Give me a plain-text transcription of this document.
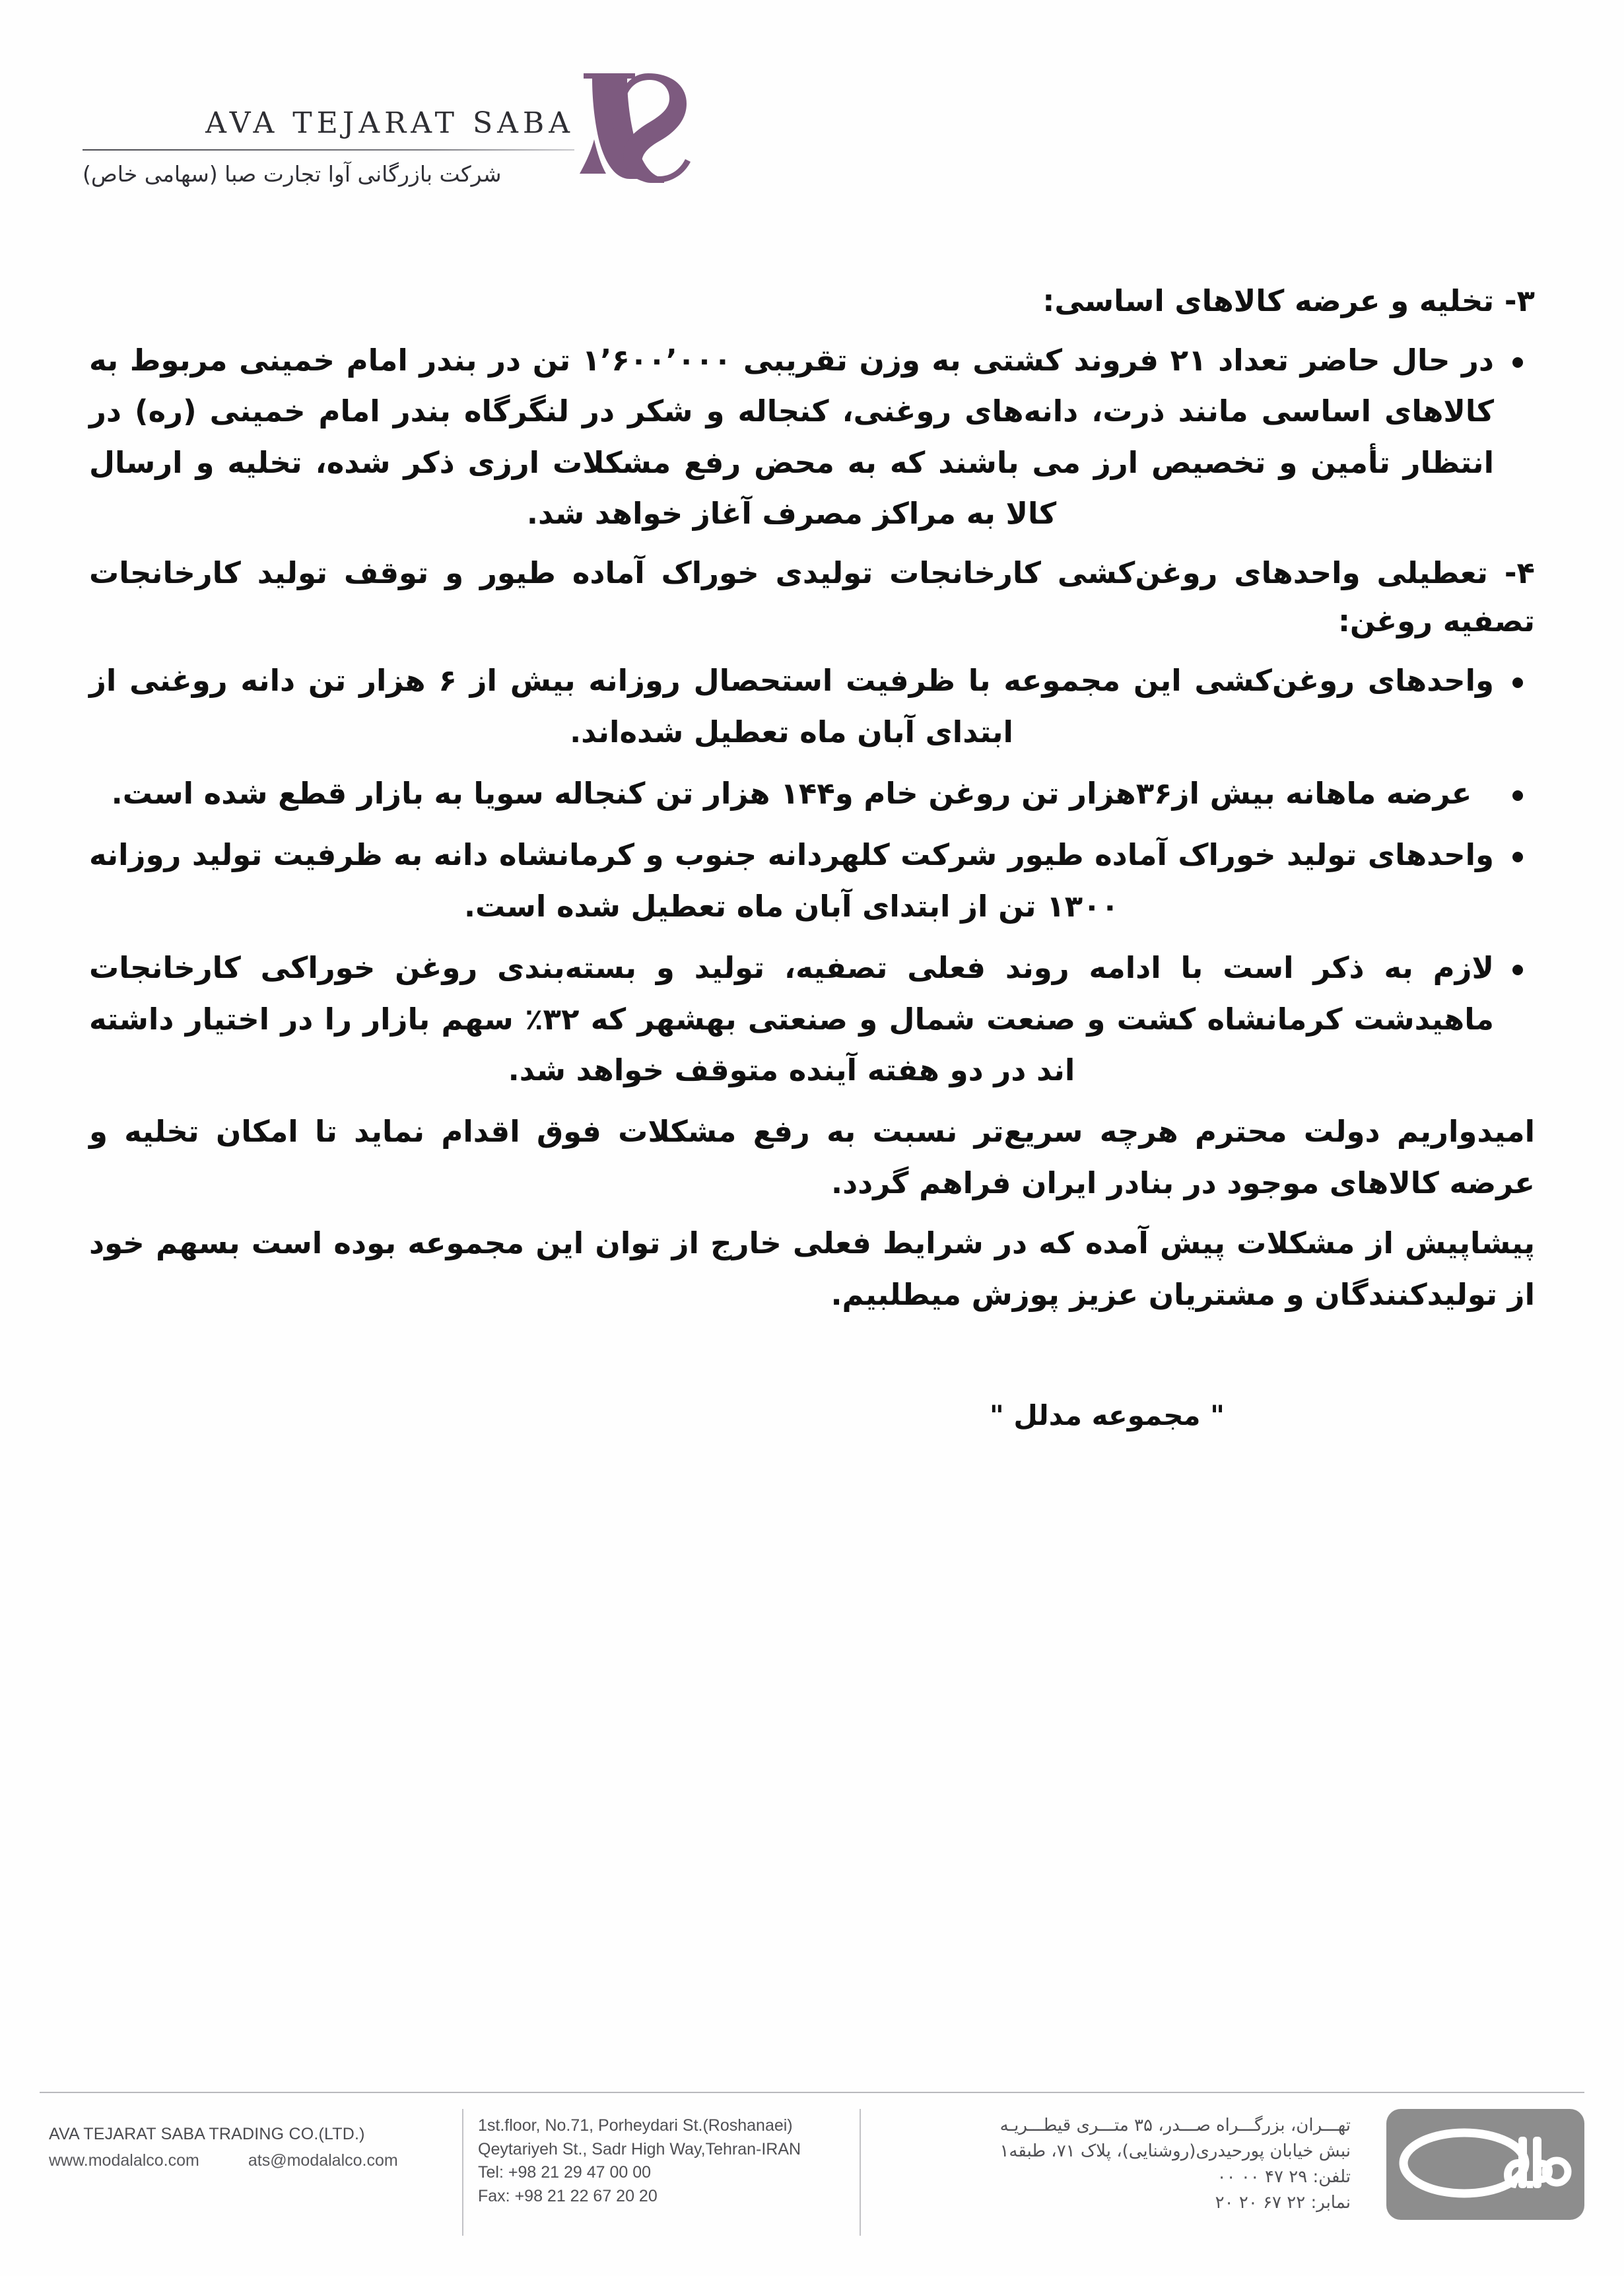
AVA TEJARAT SABA
شرکت بازرگانی آوا تجارت صبا (سهامی خاص)
۳- تخلیه و عرضه کالاهای اساسی:
در حال حاضر تعداد ۲۱ فروند کشتی به وزن تقریبی ۱٬۶۰۰٬۰۰۰ تن در بندر امام خمینی مربوط به کالاهای اساسی مانند ذرت، دانه‌های روغنی، کنجاله و شکر در لنگرگاه بندر امام خمینی (ره) در انتظار تأمین و تخصیص ارز می باشند که به محض رفع مشکلات ارزی ذکر شده، تخلیه و ارسال کالا به مراکز مصرف آغاز خواهد شد.
۴- تعطیلی واحدهای روغن‌کشی کارخانجات تولیدی خوراک آماده طیور و توقف تولید کارخانجات تصفیه روغن:
واحدهای روغن‌کشی این مجموعه با ظرفیت استحصال روزانه بیش از ۶ هزار تن دانه روغنی از ابتدای آبان ماه تعطیل شده‌اند.
عرضه ماهانه بیش از۳۶هزار تن روغن خام و۱۴۴ هزار تن کنجاله سویا به بازار قطع شده است.
واحدهای تولید خوراک آماده طیور شرکت کلهردانه جنوب و کرمانشاه دانه به ظرفیت تولید روزانه ۱۳۰۰ تن از ابتدای آبان ماه تعطیل شده است.
لازم به ذکر است با ادامه روند فعلی تصفیه، تولید و بسته‌بندی روغن خوراکی کارخانجات ماهیدشت کرمانشاه کشت و صنعت شمال و صنعتی بهشهر که ۳۲٪ سهم بازار را در اختیار داشته اند در دو هفته آینده متوقف خواهد شد.

امیدواریم دولت محترم هرچه سریع‌تر نسبت به رفع مشکلات فوق اقدام نماید تا امکان تخلیه و عرضه کالاهای موجود در بنادر ایران فراهم گردد.

پیشاپیش از مشکلات پیش آمده که در شرایط فعلی خارج از توان این مجموعه بوده است بسهم خود از تولیدکنندگان و مشتریان عزیز پوزش میطلبیم.

" مجموعه مدلل "
AVA TEJARAT SABA TRADING CO.(LTD.)
www.modalalco.com	ats@modalalco.com
1st.floor, No.71, Porheydari St.(Roshanaei)
Qeytariyeh St., Sadr High Way,Tehran-IRAN
Tel: +98 21 29 47 00 00
Fax: +98 21 22 67 20 20
تهـــران، بزرگـــراه صـــدر، ۳۵ متـــری قیطـــریـه
نبش خیابان پورحیدری(روشنایی)، پلاک ۷۱، طبقه۱
تلفن: ۲۹ ۴۷ ۰۰ ۰۰
نمابر: ۲۲ ۶۷ ۲۰ ۲۰
